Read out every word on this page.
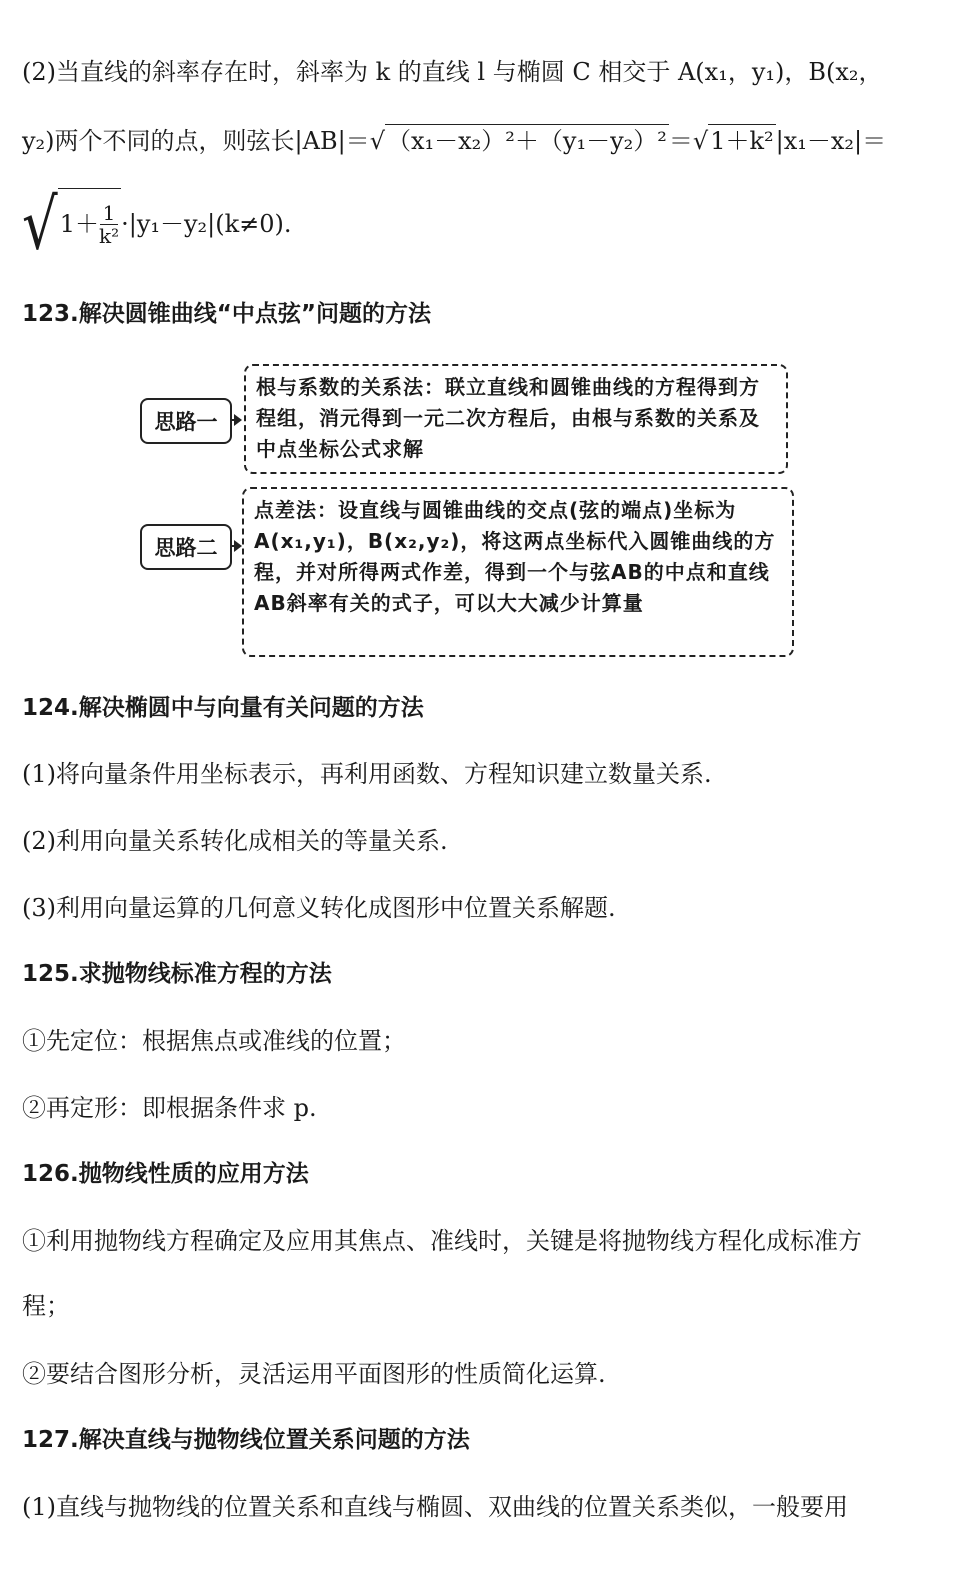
(2)当直线的斜率存在时，斜率为 k 的直线 l 与椭圆 C 相交于 A(x₁，y₁)，B(x₂，
y₂)两个不同的点，则弦长|AB|＝√（x₁－x₂）²＋（y₁－y₂）²＝√1＋k²|x₁－x₂|＝
√ $1+ \frac{1}{\text{k²}} \cdot|y_1-y_2|(k\ne 0)$.
123.解决圆锥曲线“中点弦”问题的方法
思路一
根与系数的关系法：联立直线和圆锥曲线的方程得到方程组，消元得到一元二次方程后，由根与系数的关系及中点坐标公式求解
思路二
点差法：设直线与圆锥曲线的交点(弦的端点)坐标为A(x₁,y₁)，B(x₂,y₂)，将这两点坐标代入圆锥曲线的方程，并对所得两式作差，得到一个与弦AB的中点和直线AB斜率有关的式子，可以大大减少计算量
124.解决椭圆中与向量有关问题的方法
(1)将向量条件用坐标表示，再利用函数、方程知识建立数量关系.
(2)利用向量关系转化成相关的等量关系.
(3)利用向量运算的几何意义转化成图形中位置关系解题.
125.求抛物线标准方程的方法
①先定位：根据焦点或准线的位置；
②再定形：即根据条件求 p.
126.抛物线性质的应用方法
①利用抛物线方程确定及应用其焦点、准线时，关键是将抛物线方程化成标准方
程；
②要结合图形分析，灵活运用平面图形的性质简化运算.
127.解决直线与抛物线位置关系问题的方法
(1)直线与抛物线的位置关系和直线与椭圆、双曲线的位置关系类似，一般要用
